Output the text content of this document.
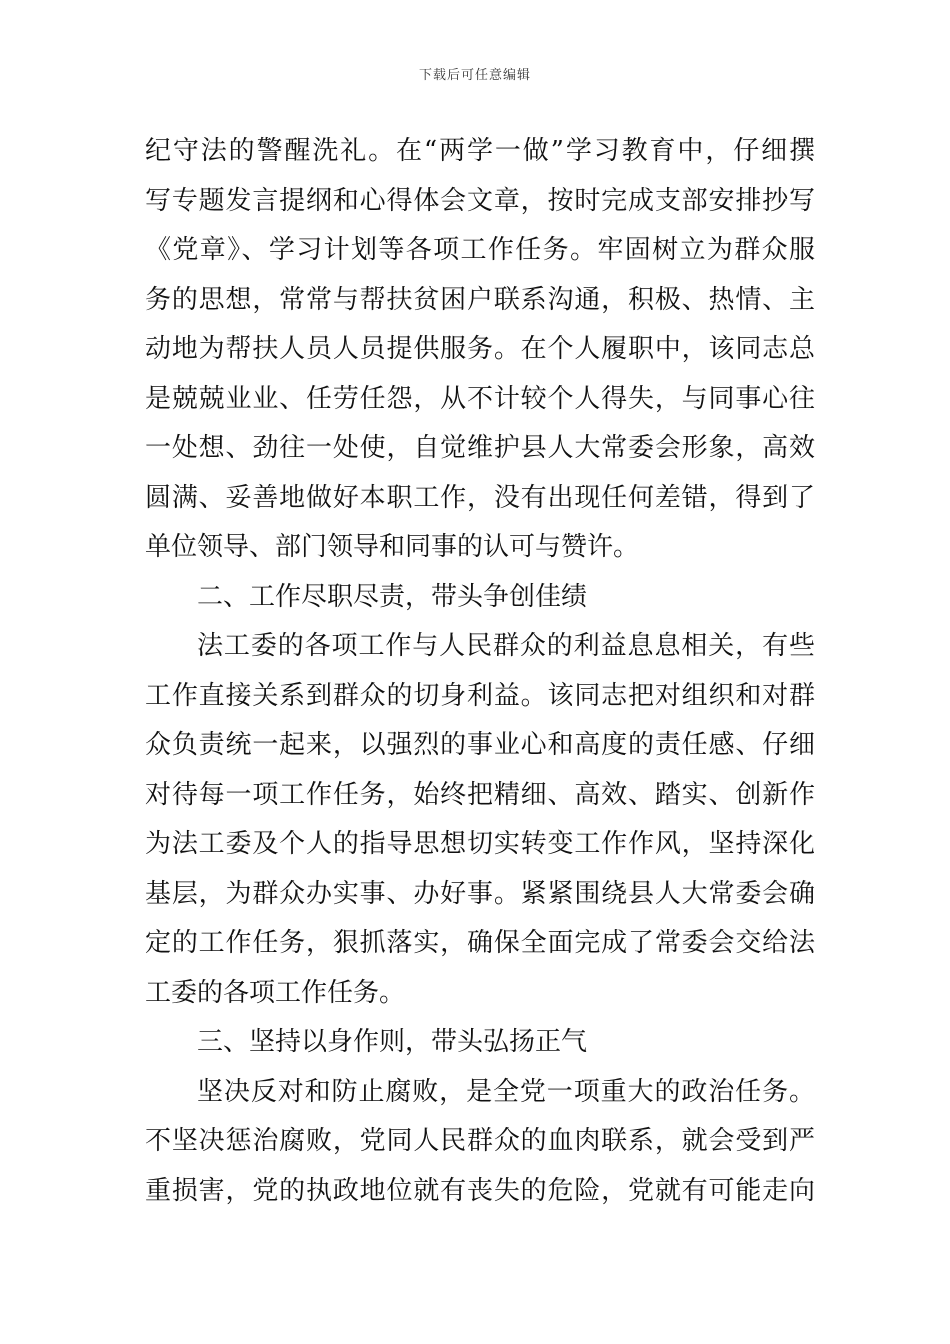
下载后可任意编辑
纪守法的警醒洗礼。在“两学一做”学习教育中，仔细撰
写专题发言提纲和心得体会文章，按时完成支部安排抄写
《党章》、学习计划等各项工作任务。牢固树立为群众服
务的思想，常常与帮扶贫困户联系沟通，积极、热情、主
动地为帮扶人员人员提供服务。在个人履职中，该同志总
是兢兢业业、任劳任怨，从不计较个人得失，与同事心往
一处想、劲往一处使，自觉维护县人大常委会形象，高效
圆满、妥善地做好本职工作，没有出现任何差错，得到了
单位领导、部门领导和同事的认可与赞许。
二、工作尽职尽责，带头争创佳绩
法工委的各项工作与人民群众的利益息息相关，有些
工作直接关系到群众的切身利益。该同志把对组织和对群
众负责统一起来，以强烈的事业心和高度的责任感、仔细
对待每一项工作任务，始终把精细、高效、踏实、创新作
为法工委及个人的指导思想切实转变工作作风，坚持深化
基层，为群众办实事、办好事。紧紧围绕县人大常委会确
定的工作任务，狠抓落实，确保全面完成了常委会交给法
工委的各项工作任务。
三、坚持以身作则，带头弘扬正气
坚决反对和防止腐败，是全党一项重大的政治任务。
不坚决惩治腐败，党同人民群众的血肉联系，就会受到严
重损害，党的执政地位就有丧失的危险，党就有可能走向
